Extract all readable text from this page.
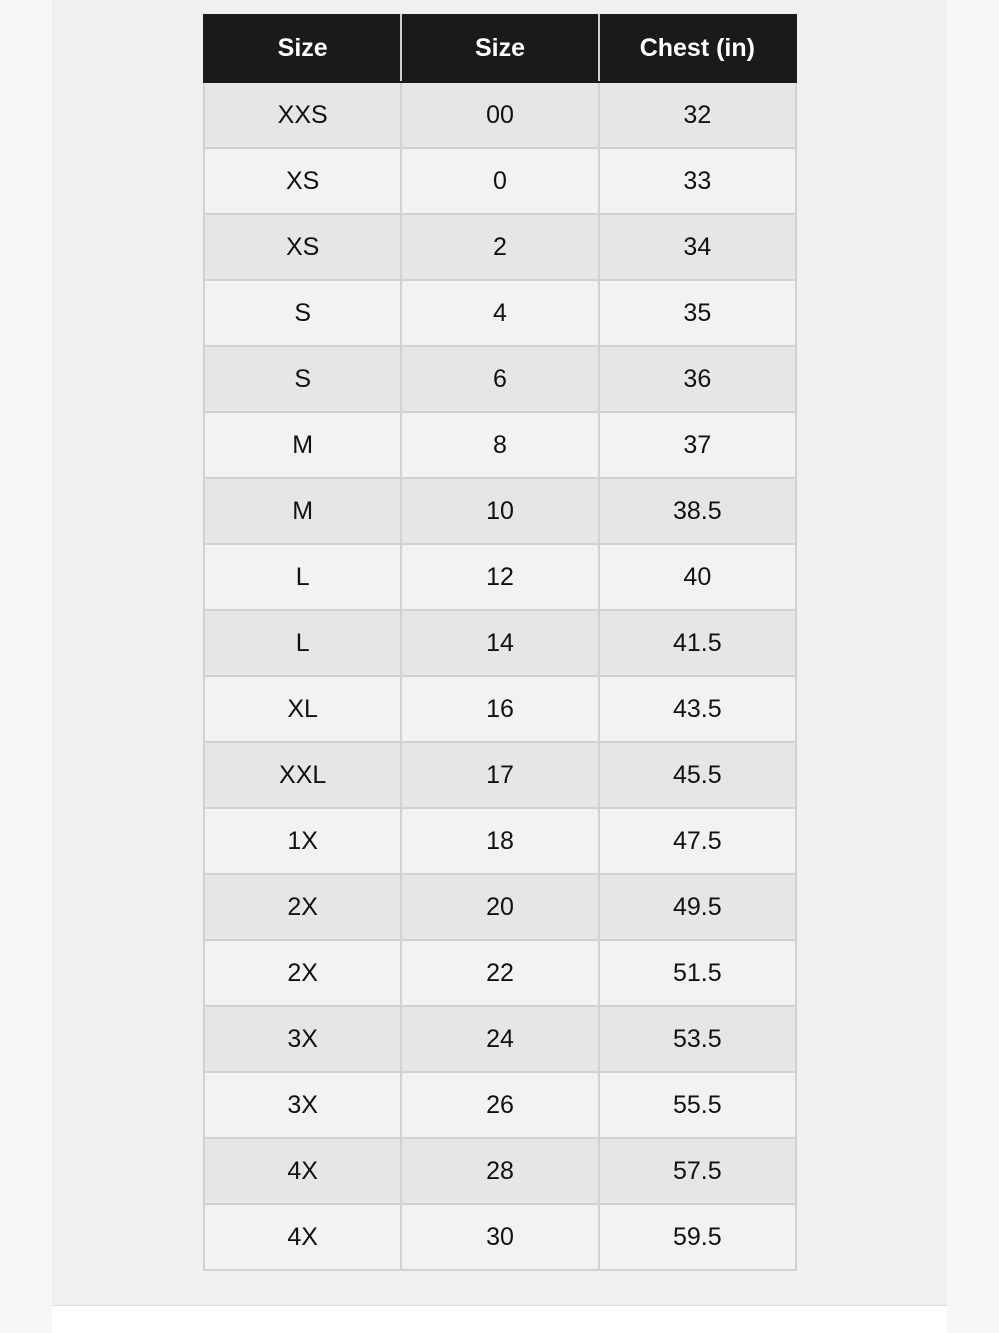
Size	Size	Chest (in)
XXS	00	32
XS	0	33
XS	2	34
S	4	35
S	6	36
M	8	37
M	10	38.5
L	12	40
L	14	41.5
XL	16	43.5
XXL	17	45.5
1X	18	47.5
2X	20	49.5
2X	22	51.5
3X	24	53.5
3X	26	55.5
4X	28	57.5
4X	30	59.5
